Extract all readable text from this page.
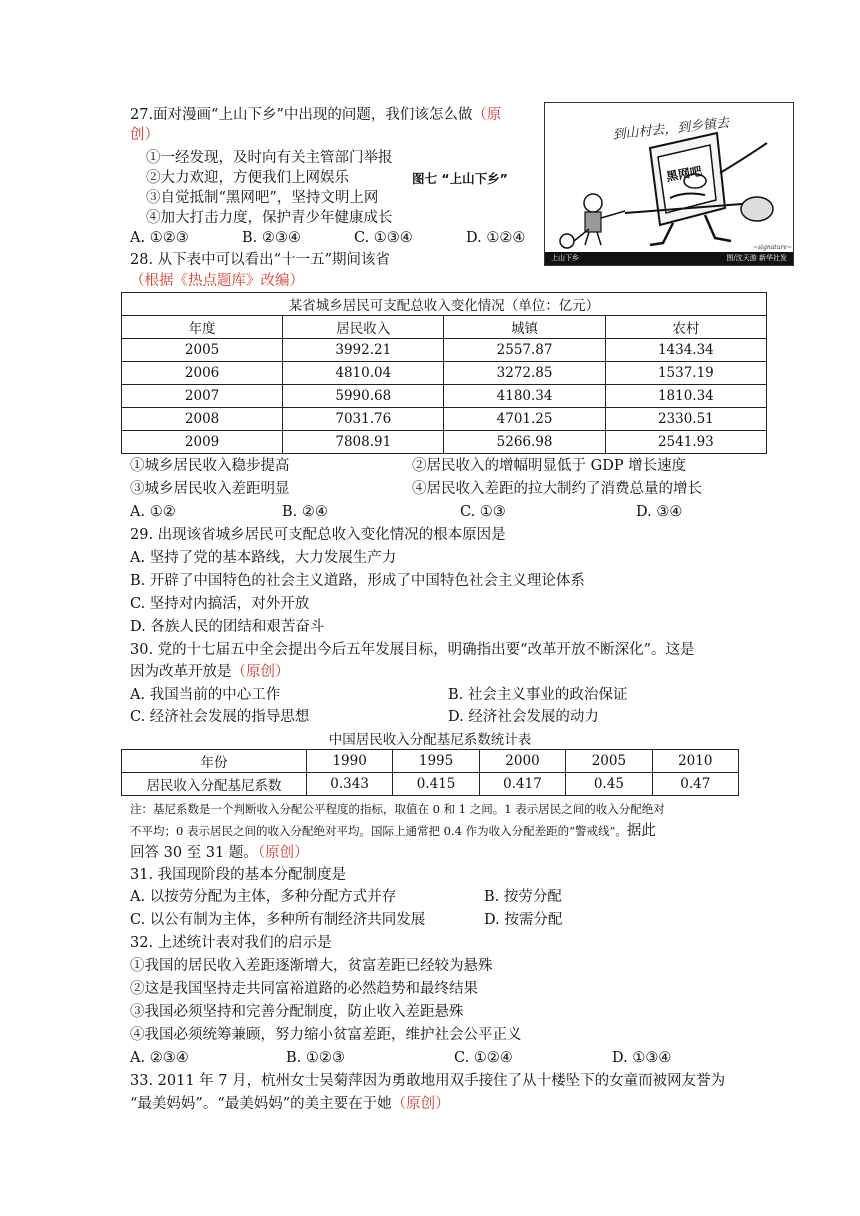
27.面对漫画“上山下乡”中出现的问题，我们该怎么做（原
创）
①一经发现，及时向有关主管部门举报
②大力欢迎，方便我们上网娱乐	图七 “上山下乡”
③自觉抵制“黑网吧”，坚持文明上网
④加大打击力度，保护青少年健康成长
A. ①②③	B. ②③④	C. ①③④	D. ①②④
到山村去，到乡镇去
黑网吧
~signature~
上山下乡	图/沈天游 新华社发
28. 从下表中可以看出“十一五”期间该省
（根据《热点题库》改编）
某省城乡居民可支配总收入变化情况（单位：亿元）			
年度	居民收入	城镇	农村
2005	3992.21	2557.87	1434.34
2006	4810.04	3272.85	1537.19
2007	5990.68	4180.34	1810.34
2008	7031.76	4701.25	2330.51
2009	7808.91	5266.98	2541.93
①城乡居民收入稳步提高	②居民收入的增幅明显低于 GDP 增长速度
③城乡居民收入差距明显	④居民收入差距的拉大制约了消费总量的增长
A. ①②	B. ②④	C. ①③	D. ③④
29. 出现该省城乡居民可支配总收入变化情况的根本原因是
A. 坚持了党的基本路线，大力发展生产力
B. 开辟了中国特色的社会主义道路，形成了中国特色社会主义理论体系
C. 坚持对内搞活，对外开放
D. 各族人民的团结和艰苦奋斗
30. 党的十七届五中全会提出今后五年发展目标，明确指出要“改革开放不断深化”。这是
因为改革开放是（原创）
A. 我国当前的中心工作	B. 社会主义事业的政治保证
C. 经济社会发展的指导思想	D. 经济社会发展的动力
中国居民收入分配基尼系数统计表
年份	1990	1995	2000	2005	2010
居民收入分配基尼系数	0.343	0.415	0.417	0.45	0.47
注：基尼系数是一个判断收入分配公平程度的指标，取值在 0 和 1 之间。1 表示居民之间的收入分配绝对
不平均；0 表示居民之间的收入分配绝对平均。国际上通常把 0.4 作为收入分配差距的“警戒线”。据此
回答 30 至 31 题。（原创）
31. 我国现阶段的基本分配制度是
A. 以按劳分配为主体，多种分配方式并存	B. 按劳分配
C. 以公有制为主体，多种所有制经济共同发展	D. 按需分配
32. 上述统计表对我们的启示是
①我国的居民收入差距逐渐增大，贫富差距已经较为悬殊
②这是我国坚持走共同富裕道路的必然趋势和最终结果
③我国必须坚持和完善分配制度，防止收入差距悬殊
④我国必须统筹兼顾，努力缩小贫富差距，维护社会公平正义
A. ②③④	B. ①②③	C. ①②④	D. ①③④
33. 2011 年 7 月，杭州女士吴菊萍因为勇敢地用双手接住了从十楼坠下的女童而被网友誉为
“最美妈妈”。“最美妈妈”的美主要在于她（原创）
